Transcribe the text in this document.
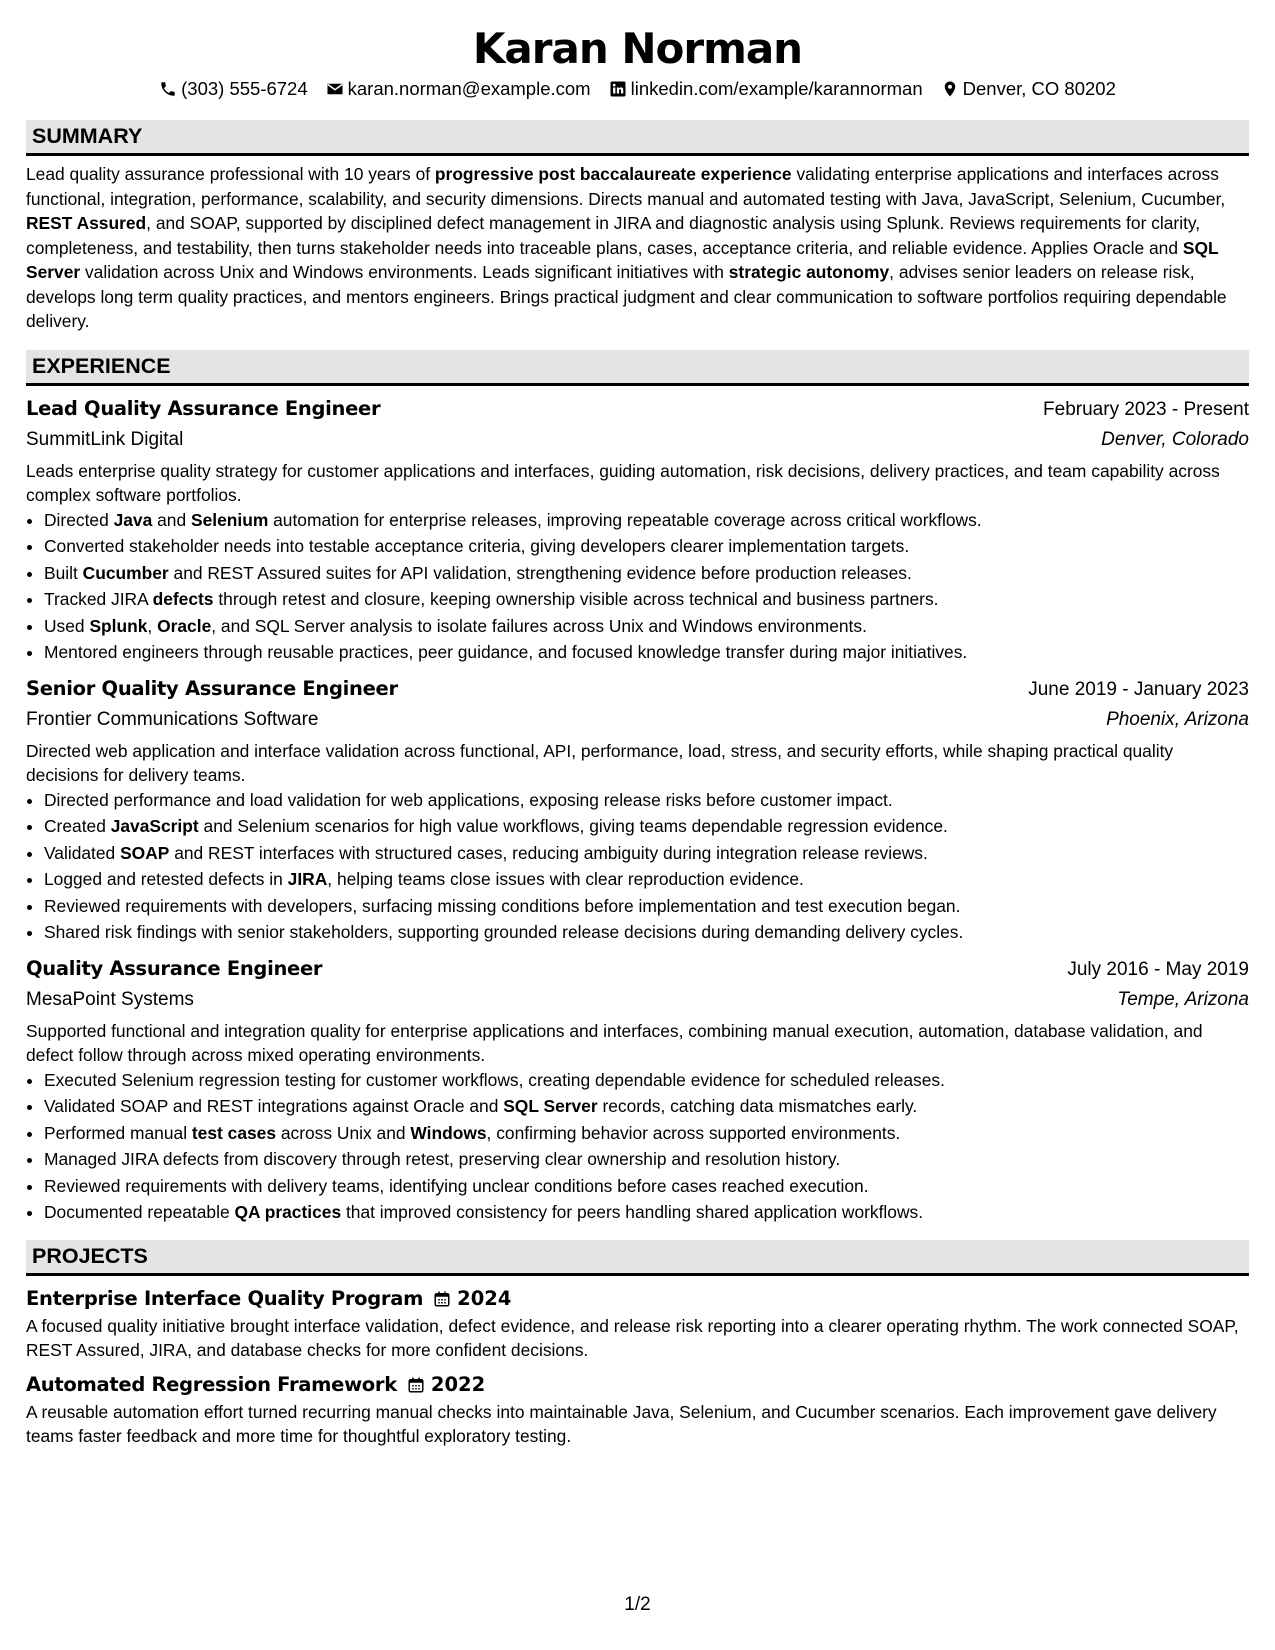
Karan Norman
(303) 555-6724 karan.norman@example.com linkedin.com/example/karannorman Denver, CO 80202
SUMMARY

Lead quality assurance professional with 10 years of progressive post baccalaureate experience validating enterprise applications and interfaces across functional, integration, performance, scalability, and security dimensions. Directs manual and automated testing with Java, JavaScript, Selenium, Cucumber, REST Assured, and SOAP, supported by disciplined defect management in JIRA and diagnostic analysis using Splunk. Reviews requirements for clarity, completeness, and testability, then turns stakeholder needs into traceable plans, cases, acceptance criteria, and reliable evidence. Applies Oracle and SQL Server validation across Unix and Windows environments. Leads significant initiatives with strategic autonomy, advises senior leaders on release risk, develops long term quality practices, and mentors engineers. Brings practical judgment and clear communication to software portfolios requiring dependable delivery.

EXPERIENCE
Lead Quality Assurance Engineer	February 2023 - Present
SummitLink Digital	Denver, Colorado

Leads enterprise quality strategy for customer applications and interfaces, guiding automation, risk decisions, delivery practices, and team capability across complex software portfolios.

• Directed Java and Selenium automation for enterprise releases, improving repeatable coverage across critical workflows.
• Converted stakeholder needs into testable acceptance criteria, giving developers clearer implementation targets.
• Built Cucumber and REST Assured suites for API validation, strengthening evidence before production releases.
• Tracked JIRA defects through retest and closure, keeping ownership visible across technical and business partners.
• Used Splunk, Oracle, and SQL Server analysis to isolate failures across Unix and Windows environments.
• Mentored engineers through reusable practices, peer guidance, and focused knowledge transfer during major initiatives.
Senior Quality Assurance Engineer	June 2019 - January 2023
Frontier Communications Software	Phoenix, Arizona

Directed web application and interface validation across functional, API, performance, load, stress, and security efforts, while shaping practical quality decisions for delivery teams.

• Directed performance and load validation for web applications, exposing release risks before customer impact.
• Created JavaScript and Selenium scenarios for high value workflows, giving teams dependable regression evidence.
• Validated SOAP and REST interfaces with structured cases, reducing ambiguity during integration release reviews.
• Logged and retested defects in JIRA, helping teams close issues with clear reproduction evidence.
• Reviewed requirements with developers, surfacing missing conditions before implementation and test execution began.
• Shared risk findings with senior stakeholders, supporting grounded release decisions during demanding delivery cycles.
Quality Assurance Engineer	July 2016 - May 2019
MesaPoint Systems	Tempe, Arizona

Supported functional and integration quality for enterprise applications and interfaces, combining manual execution, automation, database validation, and defect follow through across mixed operating environments.

• Executed Selenium regression testing for customer workflows, creating dependable evidence for scheduled releases.
• Validated SOAP and REST integrations against Oracle and SQL Server records, catching data mismatches early.
• Performed manual test cases across Unix and Windows, confirming behavior across supported environments.
• Managed JIRA defects from discovery through retest, preserving clear ownership and resolution history.
• Reviewed requirements with delivery teams, identifying unclear conditions before cases reached execution.
• Documented repeatable QA practices that improved consistency for peers handling shared application workflows.
PROJECTS
Enterprise Interface Quality Program 2024

A focused quality initiative brought interface validation, defect evidence, and release risk reporting into a clearer operating rhythm. The work connected SOAP, REST Assured, JIRA, and database checks for more confident decisions.

Automated Regression Framework 2022

A reusable automation effort turned recurring manual checks into maintainable Java, Selenium, and Cucumber scenarios. Each improvement gave delivery teams faster feedback and more time for thoughtful exploratory testing.

1/2
